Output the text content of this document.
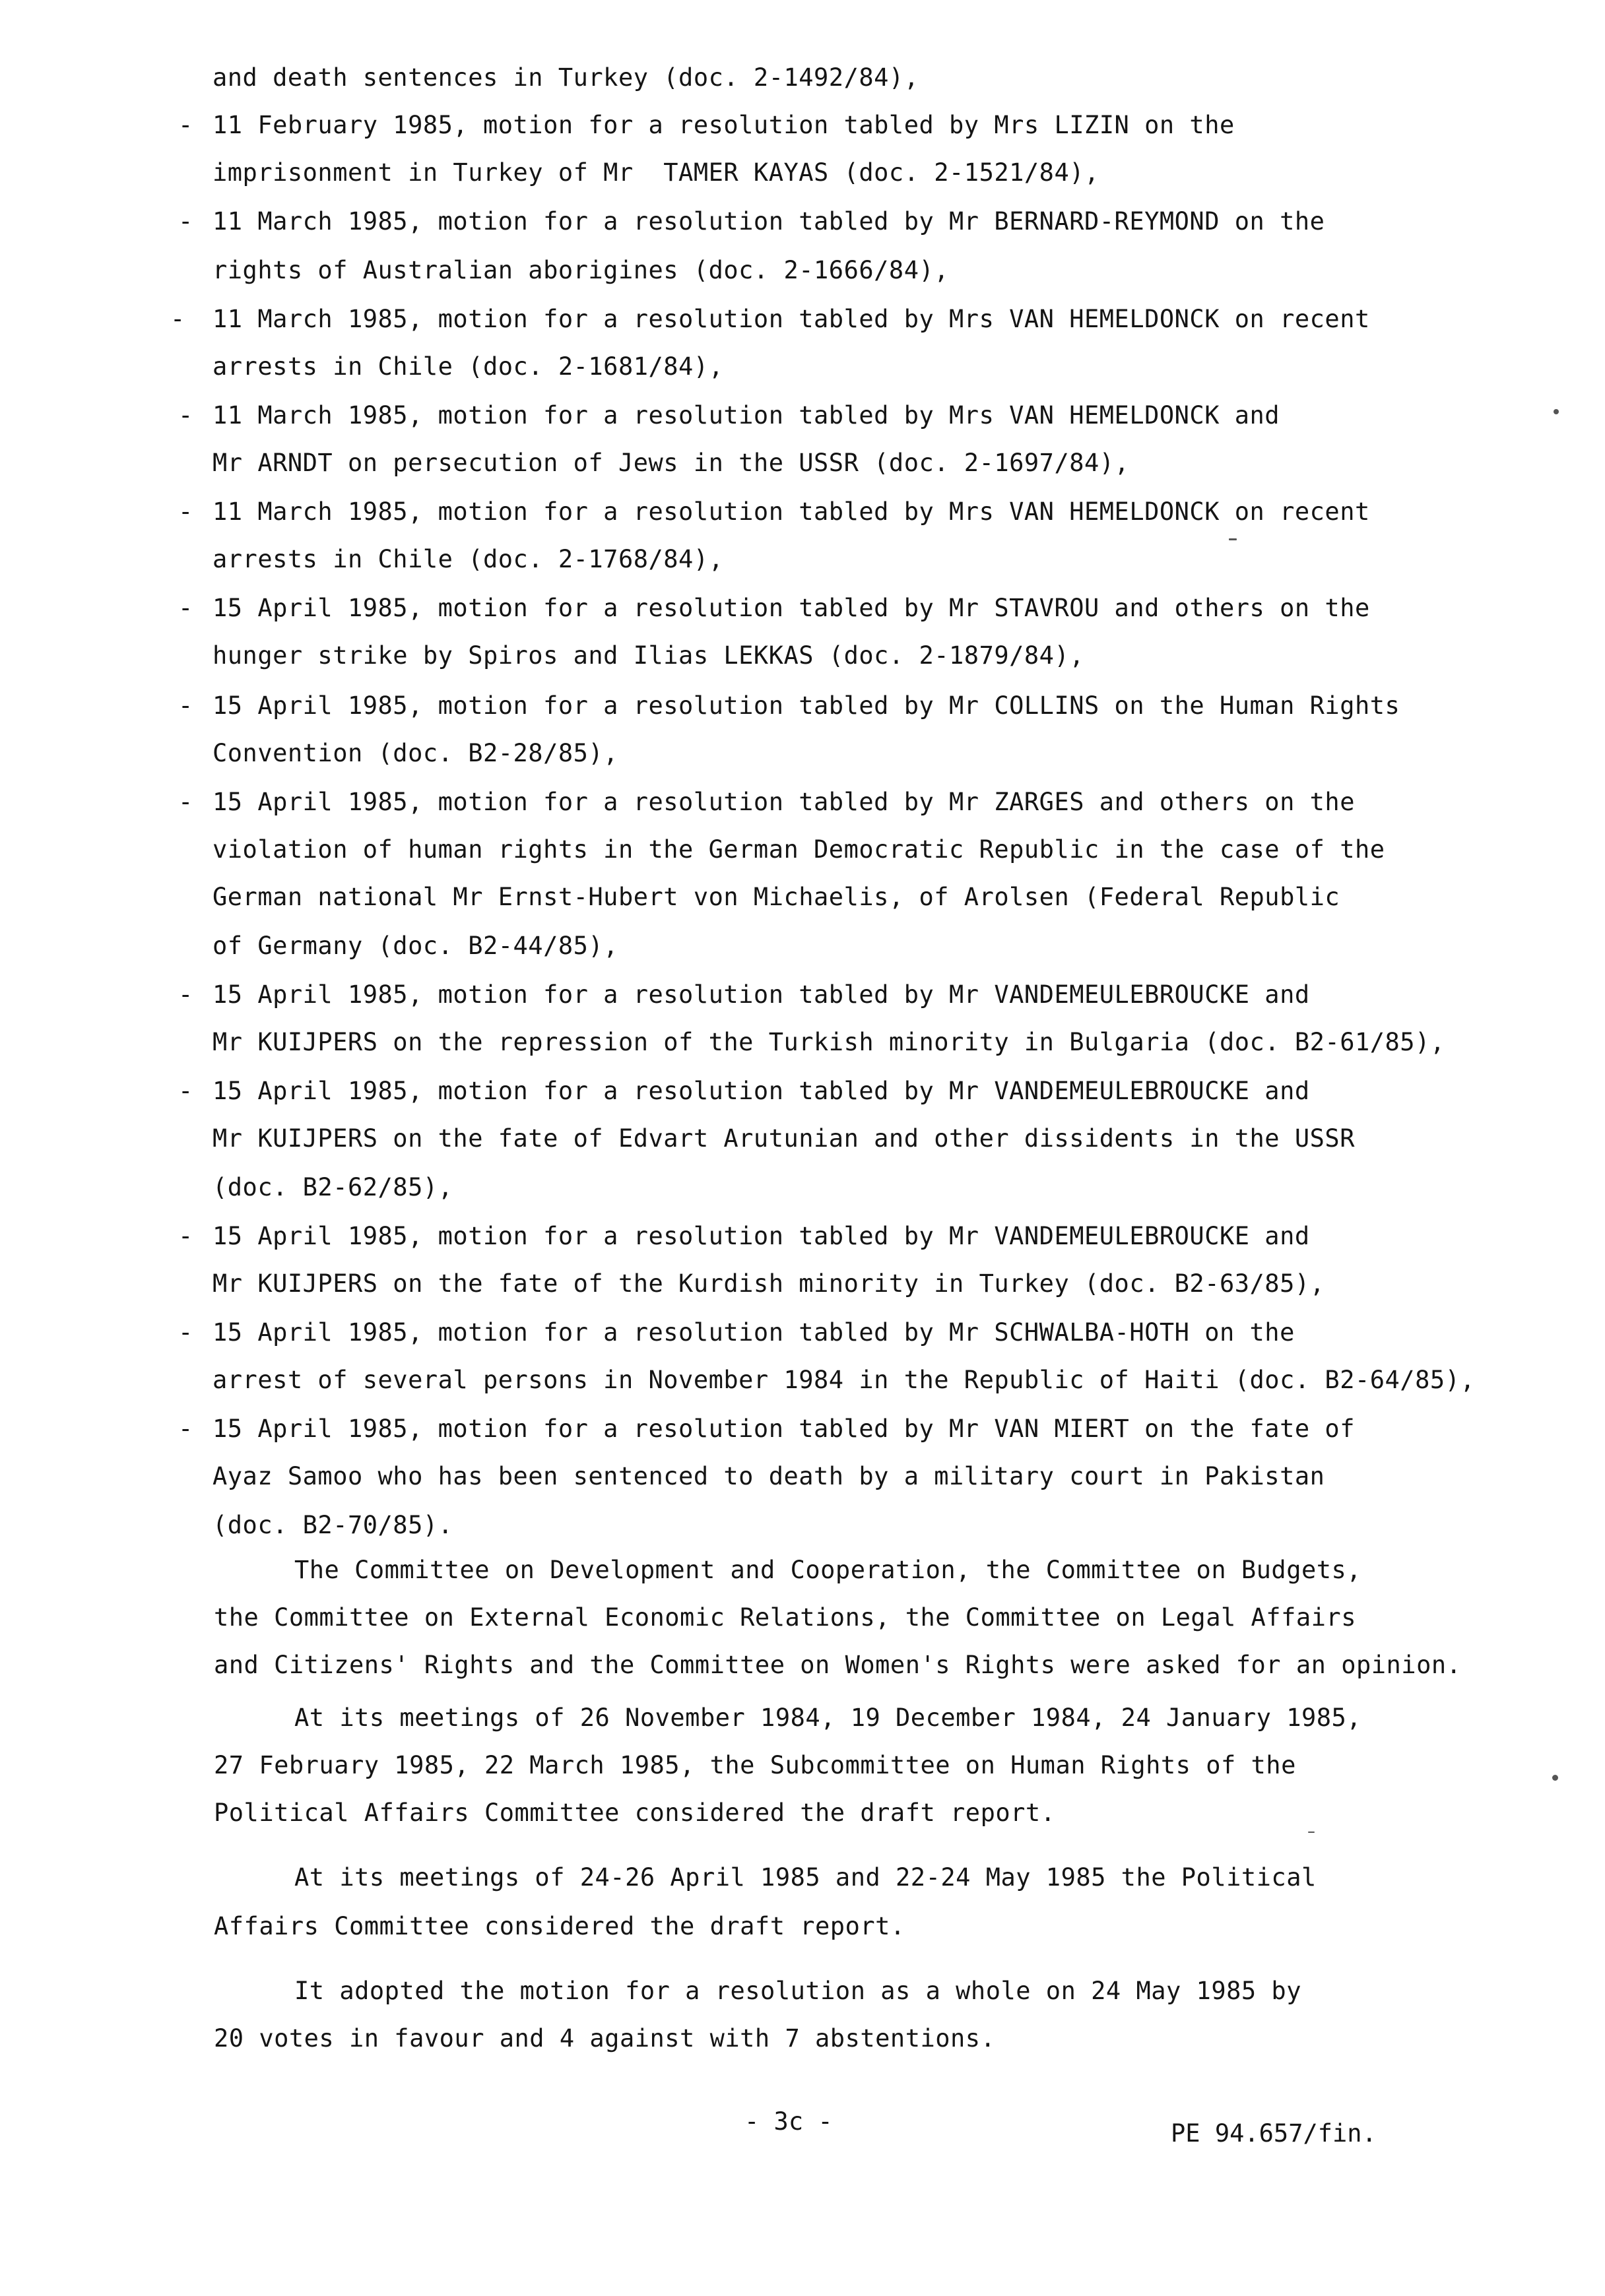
and death sentences in Turkey (doc. 2-1492/84),
- 11 February 1985, motion for a resolution tabled by Mrs LIZIN on the
imprisonment in Turkey of Mr  TAMER KAYAS (doc. 2-1521/84),
- 11 March 1985, motion for a resolution tabled by Mr BERNARD-REYMOND on the
rights of Australian aborigines (doc. 2-1666/84),
- 11 March 1985, motion for a resolution tabled by Mrs VAN HEMELDONCK on recent
arrests in Chile (doc. 2-1681/84),
- 11 March 1985, motion for a resolution tabled by Mrs VAN HEMELDONCK and
Mr ARNDT on persecution of Jews in the USSR (doc. 2-1697/84),
- 11 March 1985, motion for a resolution tabled by Mrs VAN HEMELDONCK on recent
arrests in Chile (doc. 2-1768/84),
- 15 April 1985, motion for a resolution tabled by Mr STAVROU and others on the
hunger strike by Spiros and Ilias LEKKAS (doc. 2-1879/84),
- 15 April 1985, motion for a resolution tabled by Mr COLLINS on the Human Rights
Convention (doc. B2-28/85),
- 15 April 1985, motion for a resolution tabled by Mr ZARGES and others on the
violation of human rights in the German Democratic Republic in the case of the
German national Mr Ernst-Hubert von Michaelis, of Arolsen (Federal Republic
of Germany (doc. B2-44/85),
- 15 April 1985, motion for a resolution tabled by Mr VANDEMEULEBROUCKE and
Mr KUIJPERS on the repression of the Turkish minority in Bulgaria (doc. B2-61/85),
- 15 April 1985, motion for a resolution tabled by Mr VANDEMEULEBROUCKE and
Mr KUIJPERS on the fate of Edvart Arutunian and other dissidents in the USSR
(doc. B2-62/85),
- 15 April 1985, motion for a resolution tabled by Mr VANDEMEULEBROUCKE and
Mr KUIJPERS on the fate of the Kurdish minority in Turkey (doc. B2-63/85),
- 15 April 1985, motion for a resolution tabled by Mr SCHWALBA-HOTH on the
arrest of several persons in November 1984 in the Republic of Haiti (doc. B2-64/85),
- 15 April 1985, motion for a resolution tabled by Mr VAN MIERT on the fate of
Ayaz Samoo who has been sentenced to death by a military court in Pakistan
(doc. B2-70/85).
The Committee on Development and Cooperation, the Committee on Budgets,
the Committee on External Economic Relations, the Committee on Legal Affairs
and Citizens' Rights and the Committee on Women's Rights were asked for an opinion.
At its meetings of 26 November 1984, 19 December 1984, 24 January 1985,
27 February 1985, 22 March 1985, the Subcommittee on Human Rights of the
Political Affairs Committee considered the draft report.
At its meetings of 24-26 April 1985 and 22-24 May 1985 the Political
Affairs Committee considered the draft report.
It adopted the motion for a resolution as a whole on 24 May 1985 by
20 votes in favour and 4 against with 7 abstentions.
- 3c -	PE 94.657/fin.
